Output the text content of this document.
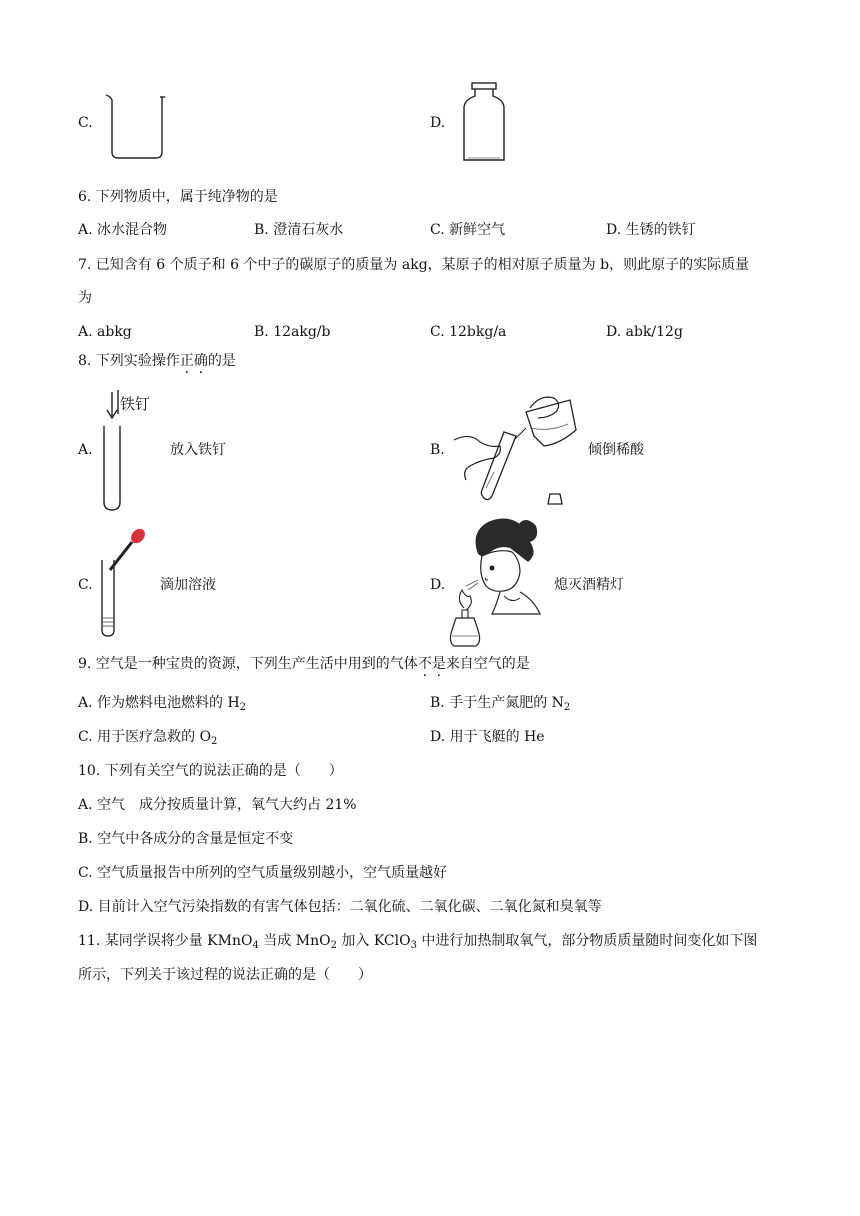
C.	D.
6. 下列物质中，属于纯净物的是
A. 冰水混合物	B. 澄清石灰水	C. 新鲜空气	D. 生锈的铁钉
7. 已知含有 6 个质子和 6 个中子的碳原子的质量为 akg，某原子的相对原子质量为 b，则此原子的实际质量
为
A. abkg	B. 12akg/b	C. 12bkg/a	D. abk/12g
8. 下列实验操作正确的是
A.
铁钉
放入铁钉	B.	倾倒稀酸
C.	滴加溶液	D.	熄灭酒精灯
9. 空气是一种宝贵的资源，下列生产生活中用到的气体不是来自空气的是
A. 作为燃料电池燃料的 $H_2$	B. 手于生产氮肥的 $N_2$
C. 用于医疗急救的 $O_2$	D. 用于飞艇的 He
10. 下列有关空气的说法正确的是（　　）
A. 空气　成分按质量计算，氧气大约占 21%
B. 空气中各成分的含量是恒定不变
C. 空气质量报告中所列的空气质量级别越小，空气质量越好
D. 目前计入空气污染指数的有害气体包括：二氧化硫、二氧化碳、二氧化氮和臭氧等
11. 某同学误将少量 KMnO$_4$ 当成 MnO$_2$ 加入 KClO$_3$ 中进行加热制取氧气，部分物质质量随时间变化如下图
所示，下列关于该过程的说法正确的是（　　）
